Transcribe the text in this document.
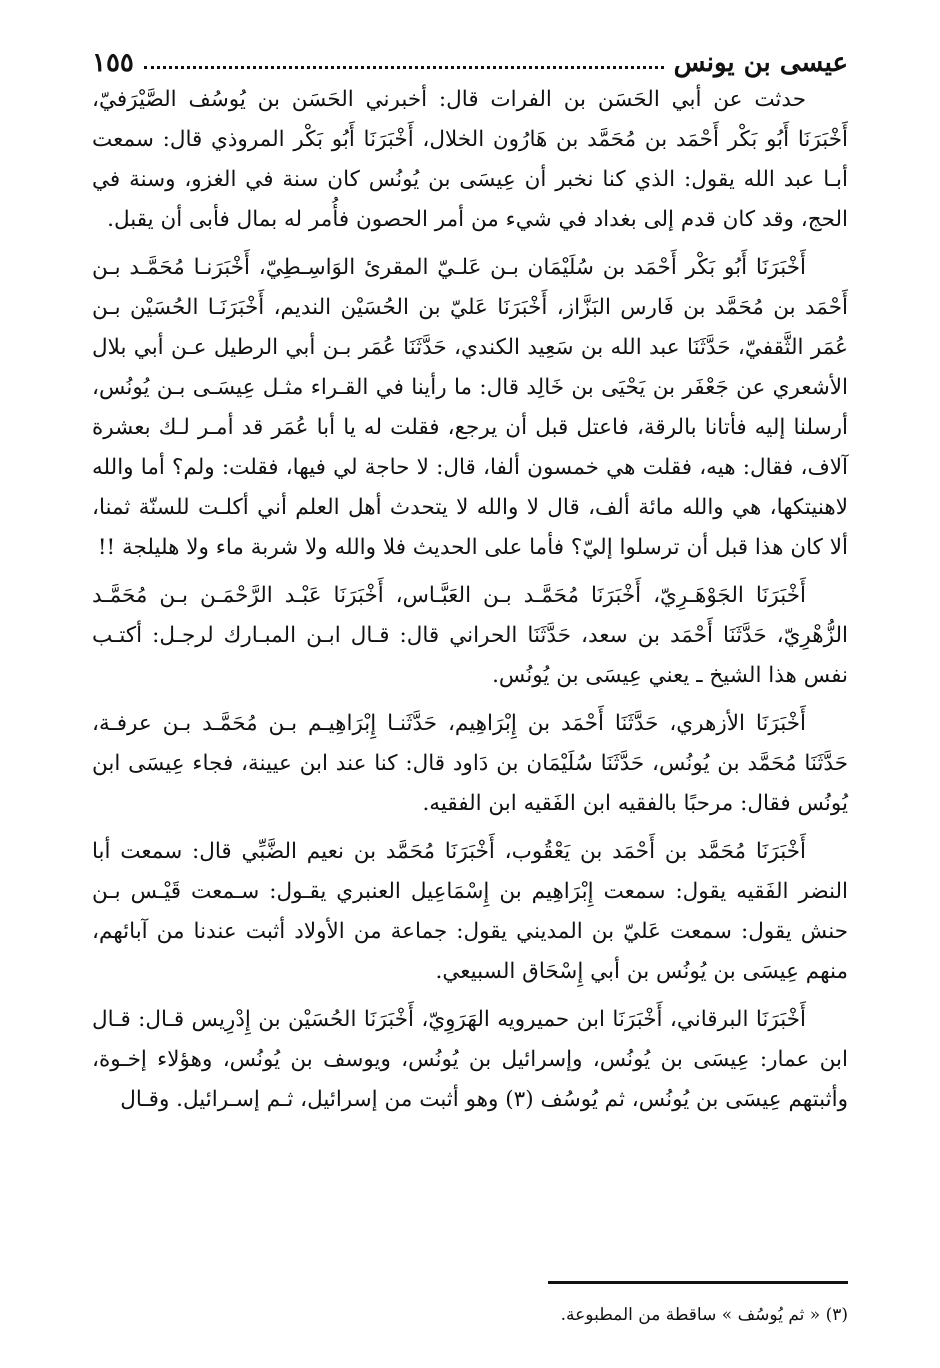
عيسى بن يونس
١٥٥

حدثت عن أبي الحَسَن بن الفرات قال: أخبرني الحَسَن بن يُوسُف الصَّيْرَفيّ، أَخْبَرَنَا أَبُو بَكْر أَحْمَد بن مُحَمَّد بن هَارُون الخلال، أَخْبَرَنَا أَبُو بَكْر المروذي قال: سمعت أبـا عبد الله يقول: الذي كنا نخبر أن عِيسَى بن يُونُس كان سنة في الغزو، وسنة في الحج، وقد كان قدم إلى بغداد في شيء من أمر الحصون فأُمر له بمال فأبى أن يقبل.

أَخْبَرَنَا أَبُو بَكْر أَحْمَد بن سُلَيْمَان بـن عَلـيّ المقرئ الوَاسِـطِيّ، أَخْبَرَنـا مُحَمَّـد بـن أَحْمَد بن مُحَمَّد بن فَارس البَزَّاز، أَخْبَرَنَا عَليّ بن الحُسَيْن النديم، أَخْبَرَنَـا الحُسَيْن بـن عُمَر الثَّقفيّ، حَدَّثَنَا عبد الله بن سَعِيد الكندي، حَدَّثَنَا عُمَر بـن أبي الرطيل عـن أبي بلال الأشعري عن جَعْفَر بن يَحْيَى بن خَالِد قال: ما رأينا في القـراء مثـل عِيسَـى بـن يُونُس، أرسلنا إليه فأتانا بالرقة، فاعتل قبل أن يرجع، فقلت له يا أبا عُمَر قد أمـر لـك بعشرة آلاف، فقال: هيه، فقلت هي خمسون ألفا، قال: لا حاجة لي فيها، فقلت: ولم؟ أما والله لاهنيتكها، هي والله مائة ألف، قال لا والله لا يتحدث أهل العلم أني أكلـت للسنّة ثمنا، ألا كان هذا قبل أن ترسلوا إليّ؟ فأما على الحديث فلا والله ولا شربة ماء ولا هليلجة !!

أَخْبَرَنَا الجَوْهَـرِيّ، أَخْبَرَنَا مُحَمَّـد بـن العَبَّـاس، أَخْبَرَنَا عَبْـد الرَّحْمَـن بـن مُحَمَّـد الزُّهْرِيّ، حَدَّثَنَا أَحْمَد بن سعد، حَدَّثَنَا الحراني قال: قـال ابـن المبـارك لرجـل: أكتـب نفس هذا الشيخ ـ يعني عِيسَى بن يُونُس.

أَخْبَرَنَا الأزهري، حَدَّثَنَا أَحْمَد بن إِبْرَاهِيم، حَدَّثَنـا إِبْرَاهِيـم بـن مُحَمَّـد بـن عرفـة، حَدَّثَنَا مُحَمَّد بن يُونُس، حَدَّثَنَا سُلَيْمَان بن دَاود قال: كنا عند ابن عيينة، فجاء عِيسَى ابن يُونُس فقال: مرحبًا بالفقيه ابن الفَقيه ابن الفقيه.

أَخْبَرَنَا مُحَمَّد بن أَحْمَد بن يَعْقُوب، أَخْبَرَنَا مُحَمَّد بن نعيم الضَّبِّي قال: سمعت أبا النضر الفَقيه يقول: سمعت إِبْرَاهِيم بن إِسْمَاعِيل العنبري يقـول: سـمعت قَيْـس بـن حنش يقول: سمعت عَليّ بن المديني يقول: جماعة من الأولاد أثبت عندنا من آبائهم، منهم عِيسَى بن يُونُس بن أبي إِسْحَاق السبيعي.

أَخْبَرَنَا البرقاني، أَخْبَرَنَا ابن حميرويه الهَرَوِيّ، أَخْبَرَنَا الحُسَيْن بن إِدْرِيس قـال: قـال ابن عمار: عِيسَى بن يُونُس، وإسرائيل بن يُونُس، ويوسف بن يُونُس، وهؤلاء إخـوة، وأثبتهم عِيسَى بن يُونُس، ثم يُوسُف (٣) وهو أثبت من إسرائيل، ثـم إسـرائيل. وقـال

(٣) « ثم يُوسُف » ساقطة من المطبوعة.
